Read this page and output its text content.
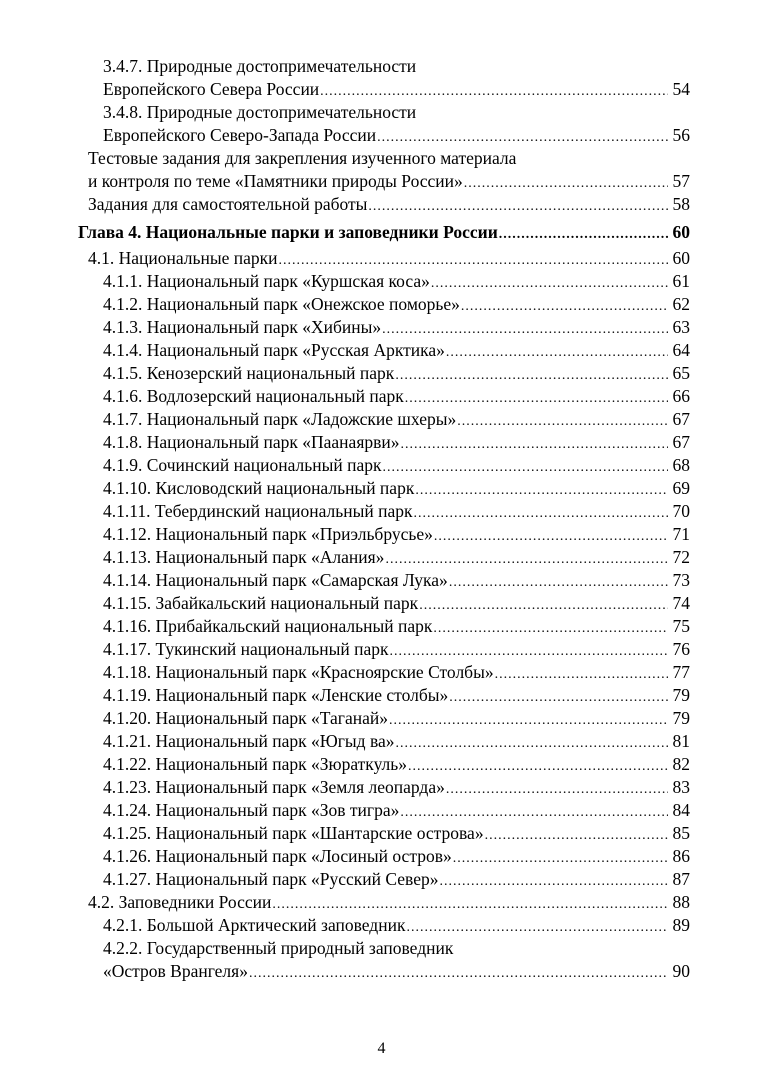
3.4.7. Природные достопримечательности
Европейского Севера России .....	54
3.4.8. Природные достопримечательности
Европейского Северо-Запада России .....	56
Тестовые задания для закрепления изученного материала
и контроля по теме «Памятники природы России» .....	57
Задания для самостоятельной работы .....	58
Глава 4. Национальные парки и заповедники России .....	60
4.1. Национальные парки .....	60
4.1.1. Национальный парк «Куршская коса» .....	61
4.1.2. Национальный парк «Онежское поморье» .....	62
4.1.3. Национальный парк «Хибины» .....	63
4.1.4. Национальный парк «Русская Арктика» .....	64
4.1.5. Кенозерский национальный парк .....	65
4.1.6. Водлозерский национальный парк .....	66
4.1.7. Национальный парк «Ладожские шхеры» .....	67
4.1.8. Национальный парк «Паанаярви» .....	67
4.1.9. Сочинский национальный парк .....	68
4.1.10. Кисловодский национальный парк .....	69
4.1.11. Тебердинский национальный парк .....	70
4.1.12. Национальный парк «Приэльбрусье» .....	71
4.1.13. Национальный парк «Алания» .....	72
4.1.14. Национальный парк «Самарская Лука» .....	73
4.1.15. Забайкальский национальный парк .....	74
4.1.16. Прибайкальский национальный парк .....	75
4.1.17. Тукинский национальный парк .....	76
4.1.18. Национальный парк «Красноярские Столбы» .....	77
4.1.19. Национальный парк «Ленские столбы» .....	79
4.1.20. Национальный парк «Таганай» .....	79
4.1.21. Национальный парк «Югыд ва» .....	81
4.1.22. Национальный парк «Зюраткуль» .....	82
4.1.23. Национальный парк «Земля леопарда» .....	83
4.1.24. Национальный парк «Зов тигра» .....	84
4.1.25. Национальный парк «Шантарские острова» .....	85
4.1.26. Национальный парк «Лосиный остров» .....	86
4.1.27. Национальный парк «Русский Север» .....	87
4.2. Заповедники России .....	88
4.2.1. Большой Арктический заповедник .....	89
4.2.2. Государственный природный заповедник
«Остров Врангеля» .....	90
4
